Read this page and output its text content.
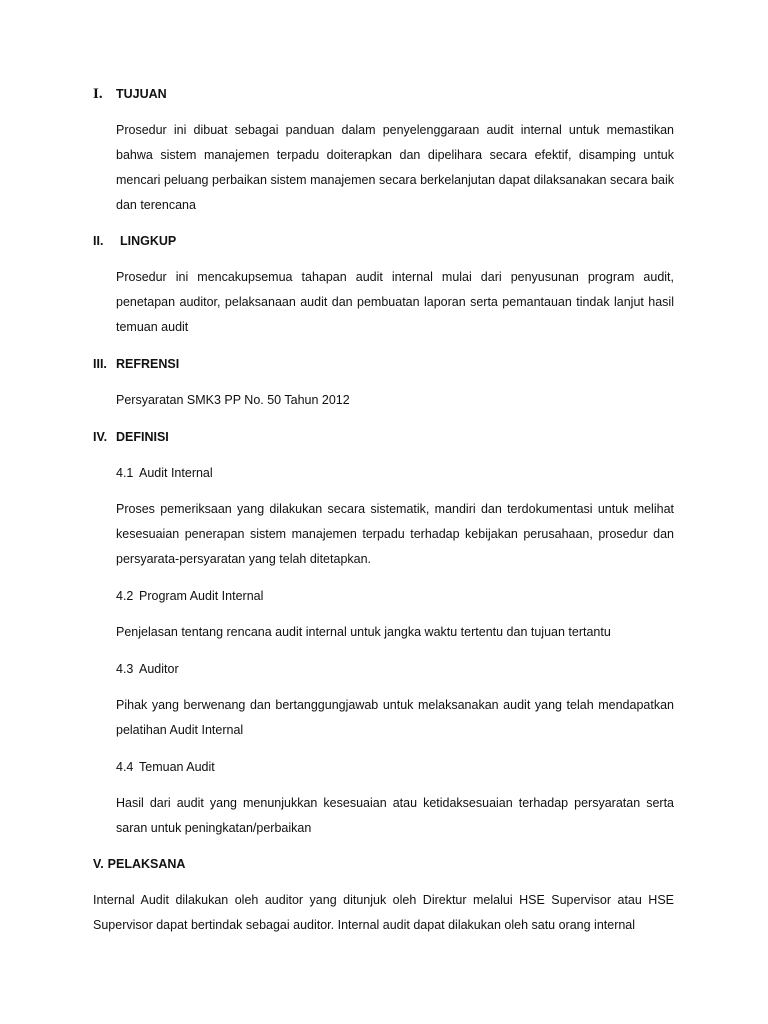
I. TUJUAN
Prosedur ini dibuat sebagai panduan dalam penyelenggaraan audit internal untuk memastikan bahwa sistem manajemen terpadu doiterapkan dan dipelihara secara efektif, disamping untuk mencari peluang perbaikan sistem manajemen secara berkelanjutan dapat dilaksanakan secara baik dan terencana
II. LINGKUP
Prosedur ini mencakupsemua tahapan audit internal mulai dari penyusunan program audit, penetapan auditor, pelaksanaan audit dan pembuatan laporan serta pemantauan tindak lanjut hasil temuan audit
III. REFRENSI
Persyaratan SMK3 PP No. 50 Tahun 2012
IV. DEFINISI
4.1 Audit Internal
Proses pemeriksaan yang dilakukan secara sistematik, mandiri dan terdokumentasi untuk melihat kesesuaian penerapan sistem manajemen terpadu terhadap kebijakan perusahaan, prosedur dan persyarata-persyaratan yang telah ditetapkan.
4.2 Program Audit Internal
Penjelasan tentang rencana audit internal untuk jangka waktu tertentu dan tujuan tertantu
4.3 Auditor
Pihak yang berwenang dan bertanggungjawab untuk melaksanakan audit yang telah mendapatkan pelatihan Audit Internal
4.4 Temuan Audit
Hasil dari audit yang menunjukkan kesesuaian atau ketidaksesuaian terhadap persyaratan serta saran untuk peningkatan/perbaikan
V. PELAKSANA
Internal Audit dilakukan oleh auditor yang ditunjuk oleh Direktur melalui HSE Supervisor atau HSE Supervisor dapat bertindak sebagai auditor. Internal audit dapat dilakukan oleh satu orang internal
